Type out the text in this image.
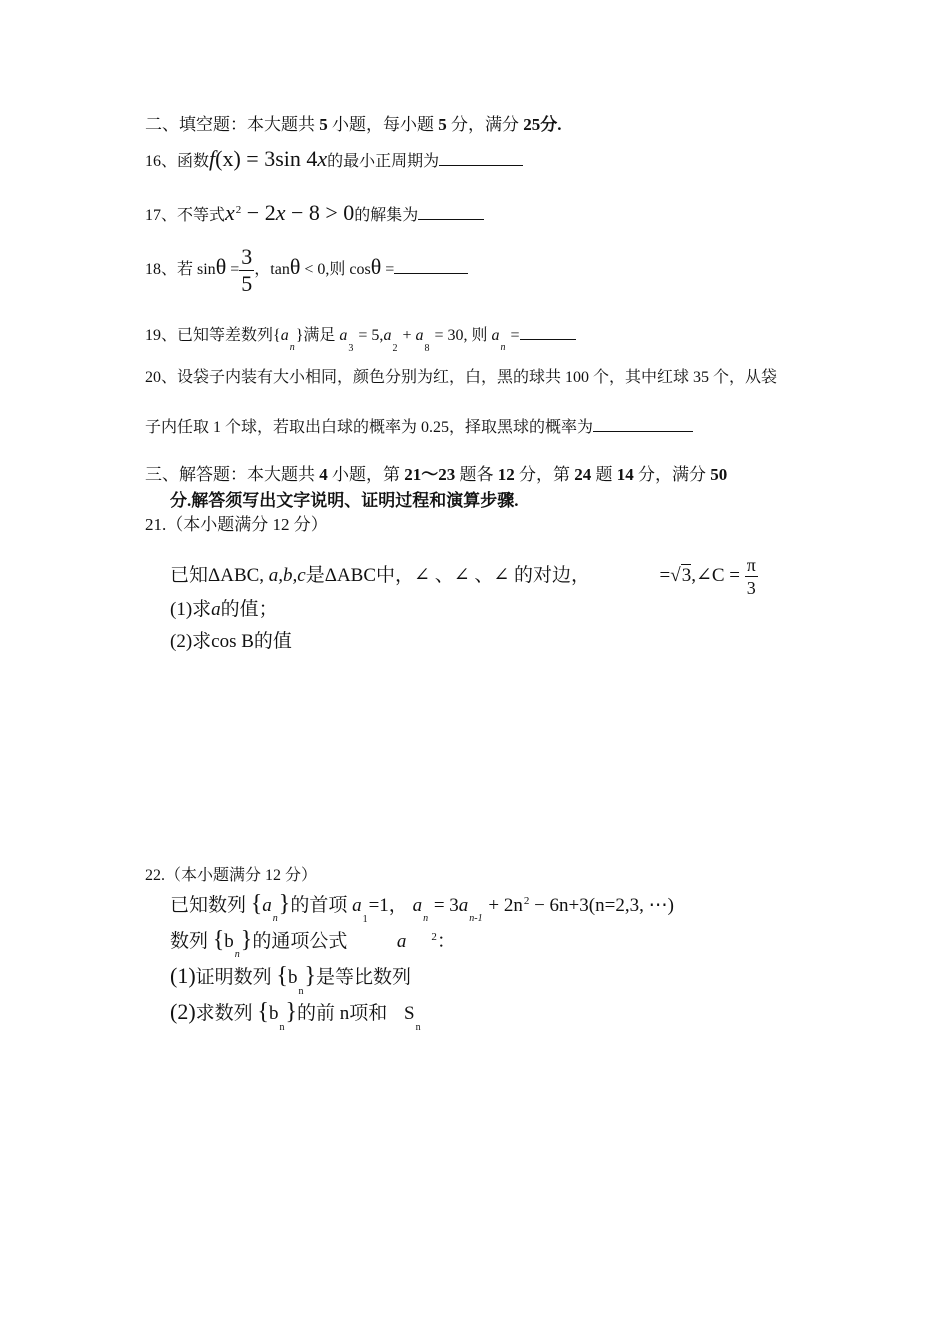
二、填空题：本大题共 5 小题，每小题 5 分，满分 25分.
16、函数f(x) = 3sin 4x的最小正周期为
17、不等式$x^2 - 2x - 8 > 0$的解集为
18、若 $\sin\theta = \frac{3}{5}$ ，tanθ < 0,则 cosθ =
19、已知等差数列$\{a_n\}$满足 $a_3 = 5,a_2 + a_8 = 30$, 则 $a_n$ =
20、设袋子内装有大小相同，颜色分别为红，白，黑的球共 100 个，其中红球 35 个，从袋
子内任取 1 个球，若取出白球的概率为 0.25，择取黑球的概率为
三、解答题：本大题共 4 小题，第 21～23 题各 12 分，第 24 题 14 分，满分 50
分.解答须写出文字说明、证明过程和演算步骤.
21.（本小题满分 12 分）
已知ΔABC, a,b,c是ΔABC中，∠ 、∠ 、∠ 的对边，	=√3,∠C = $\frac{\pi}{3}$
(1)求a的值；
(2)求cos B的值
22.（本小题满分 12 分）
已知数列 $\{a_n\}$的首项 $a_1=1$， $a_n = 3a_{n-1} + 2n^2 - 6n+3(n=2,3$, ⋯)
数列 $\{b_n\}$的通项公式	a $^2$：
(1)证明数列 $\{b_n\}$是等比数列
(2)求数列 $\{b_n\}$的前 n项和 $S_n$
